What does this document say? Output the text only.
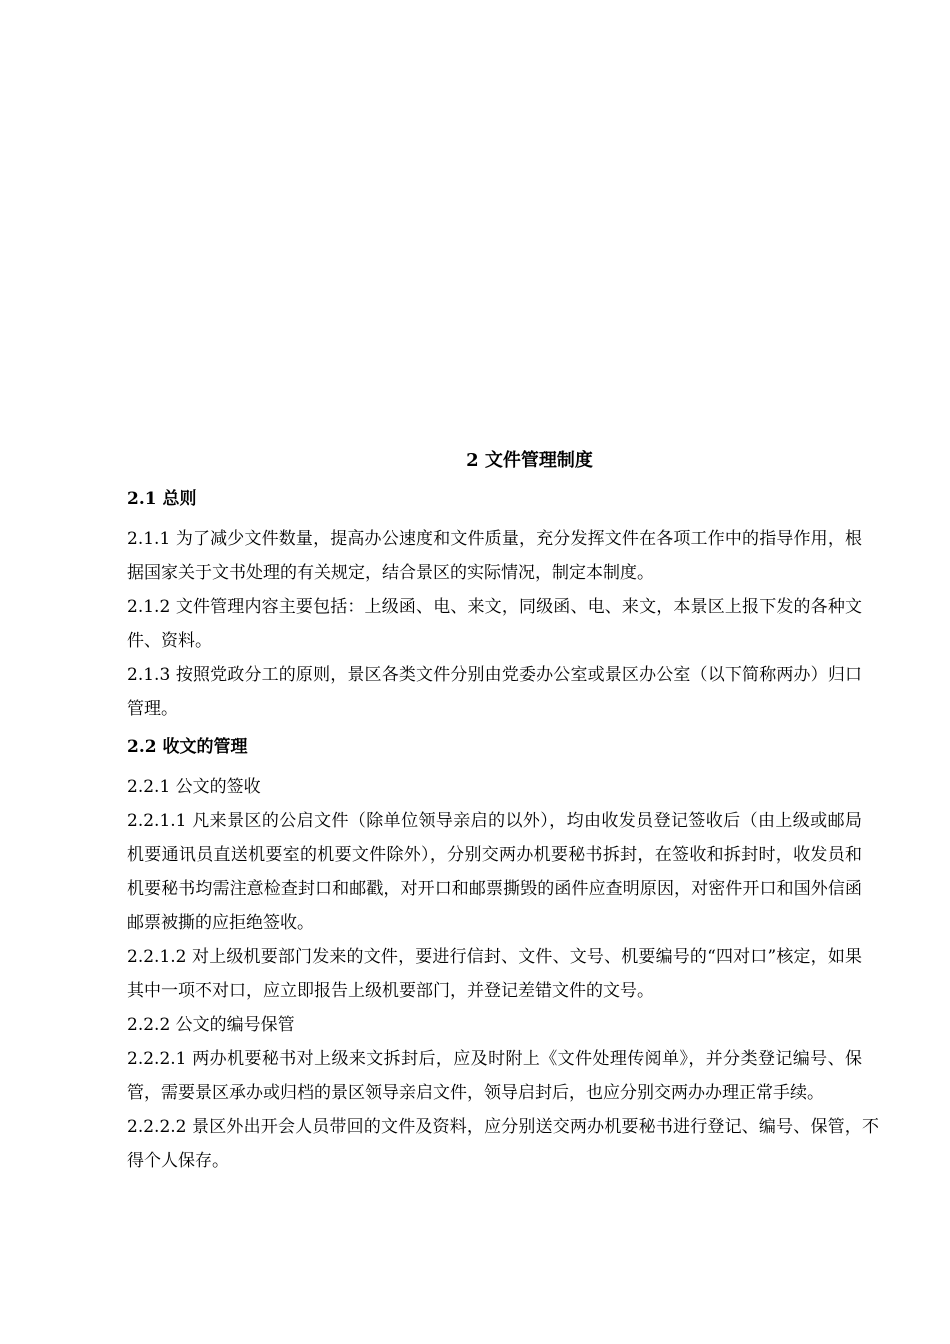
2 文件管理制度
2.1 总则

2.1.1 为了减少文件数量，提高办公速度和文件质量，充分发挥文件在各项工作中的指导作用，根据国家关于文书处理的有关规定，结合景区的实际情况，制定本制度。

2.1.2 文件管理内容主要包括：上级函、电、来文，同级函、电、来文，本景区上报下发的各种文件、资料。

2.1.3 按照党政分工的原则，景区各类文件分别由党委办公室或景区办公室（以下简称两办）归口管理。

2.2 收文的管理

2.2.1 公文的签收

2.2.1.1 凡来景区的公启文件（除单位领导亲启的以外），均由收发员登记签收后（由上级或邮局机要通讯员直送机要室的机要文件除外），分别交两办机要秘书拆封，在签收和拆封时，收发员和机要秘书均需注意检查封口和邮戳，对开口和邮票撕毁的函件应查明原因，对密件开口和国外信函邮票被撕的应拒绝签收。

2.2.1.2 对上级机要部门发来的文件，要进行信封、文件、文号、机要编号的“四对口”核定，如果其中一项不对口，应立即报告上级机要部门，并登记差错文件的文号。

2.2.2 公文的编号保管

2.2.2.1 两办机要秘书对上级来文拆封后，应及时附上《文件处理传阅单》，并分类登记编号、保管，需要景区承办或归档的景区领导亲启文件，领导启封后，也应分别交两办办理正常手续。

2.2.2.2 景区外出开会人员带回的文件及资料，应分别送交两办机要秘书进行登记、编号、保管，不得个人保存。
